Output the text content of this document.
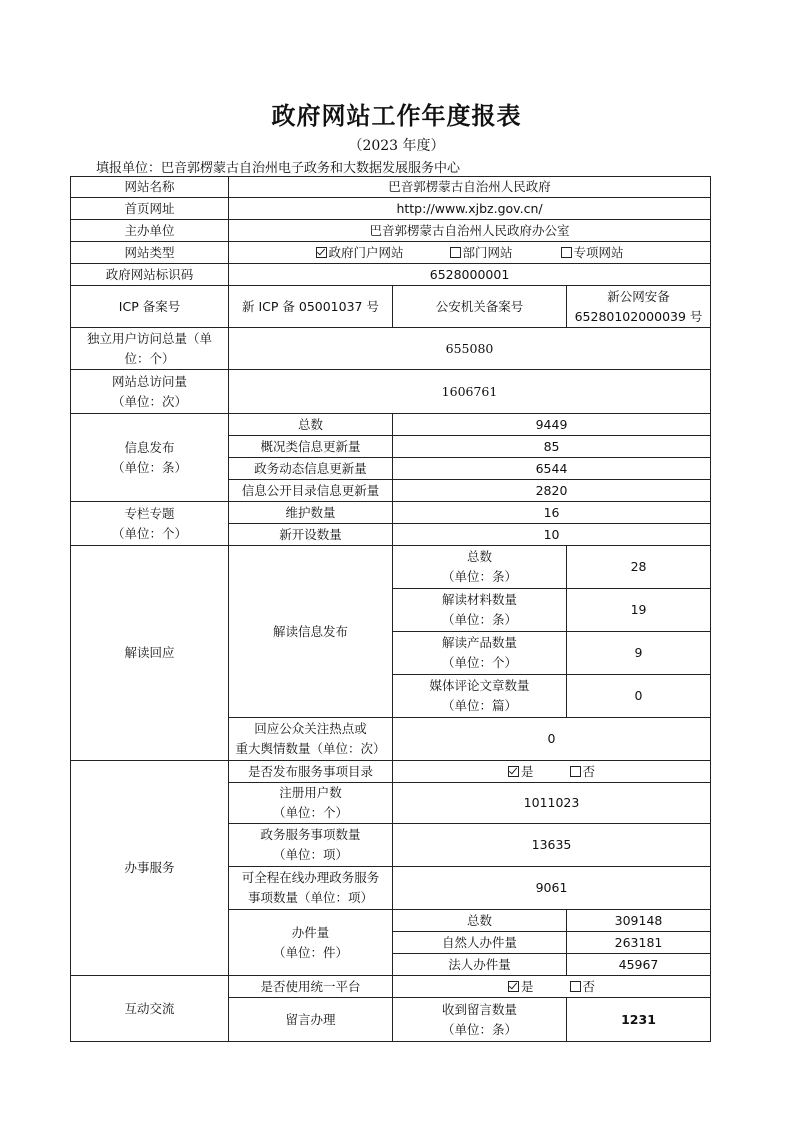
政府网站工作年度报表
（2023 年度）
填报单位：巴音郭楞蒙古自治州电子政务和大数据发展服务中心
网站名称	巴音郭楞蒙古自治州人民政府		
首页网址	http://www.xjbz.gov.cn/		
主办单位	巴音郭楞蒙古自治州人民政府办公室		
网站类型	政府门户网站 部门网站 专项网站		
政府网站标识码	6528000001		
ICP 备案号	新 ICP 备 05001037 号	公安机关备案号	新公网安备
65280102000039 号

独立用户访问总量（单
位：个）	655080		

网站总访问量
（单位：次）	1606761		

信息发布
（单位：条）	总数	9449	
	概况类信息更新量	85	
	政务动态信息更新量	6544	
	信息公开目录信息更新量	2820	

专栏专题
（单位：个）	维护数量	16	
	新开设数量	10	
解读回应	解读信息发布	总数
（单位：条）	28

		解读材料数量
（单位：条）	19

		解读产品数量
（单位：个）	9

		媒体评论文章数量
（单位：篇）	0

	回应公众关注热点或
重大舆情数量（单位：次）	0	
办事服务	是否发布服务事项目录	是 否	

	注册用户数
（单位：个）	1011023	

	政务服务事项数量
（单位：项）	13635	

	可全程在线办理政务服务
事项数量（单位：项）	9061	

	办件量
（单位：件）	总数	309148
		自然人办件量	263181
		法人办件量	45967
互动交流	是否使用统一平台	是 否	
	留言办理	收到留言数量
（单位：条）	1231
